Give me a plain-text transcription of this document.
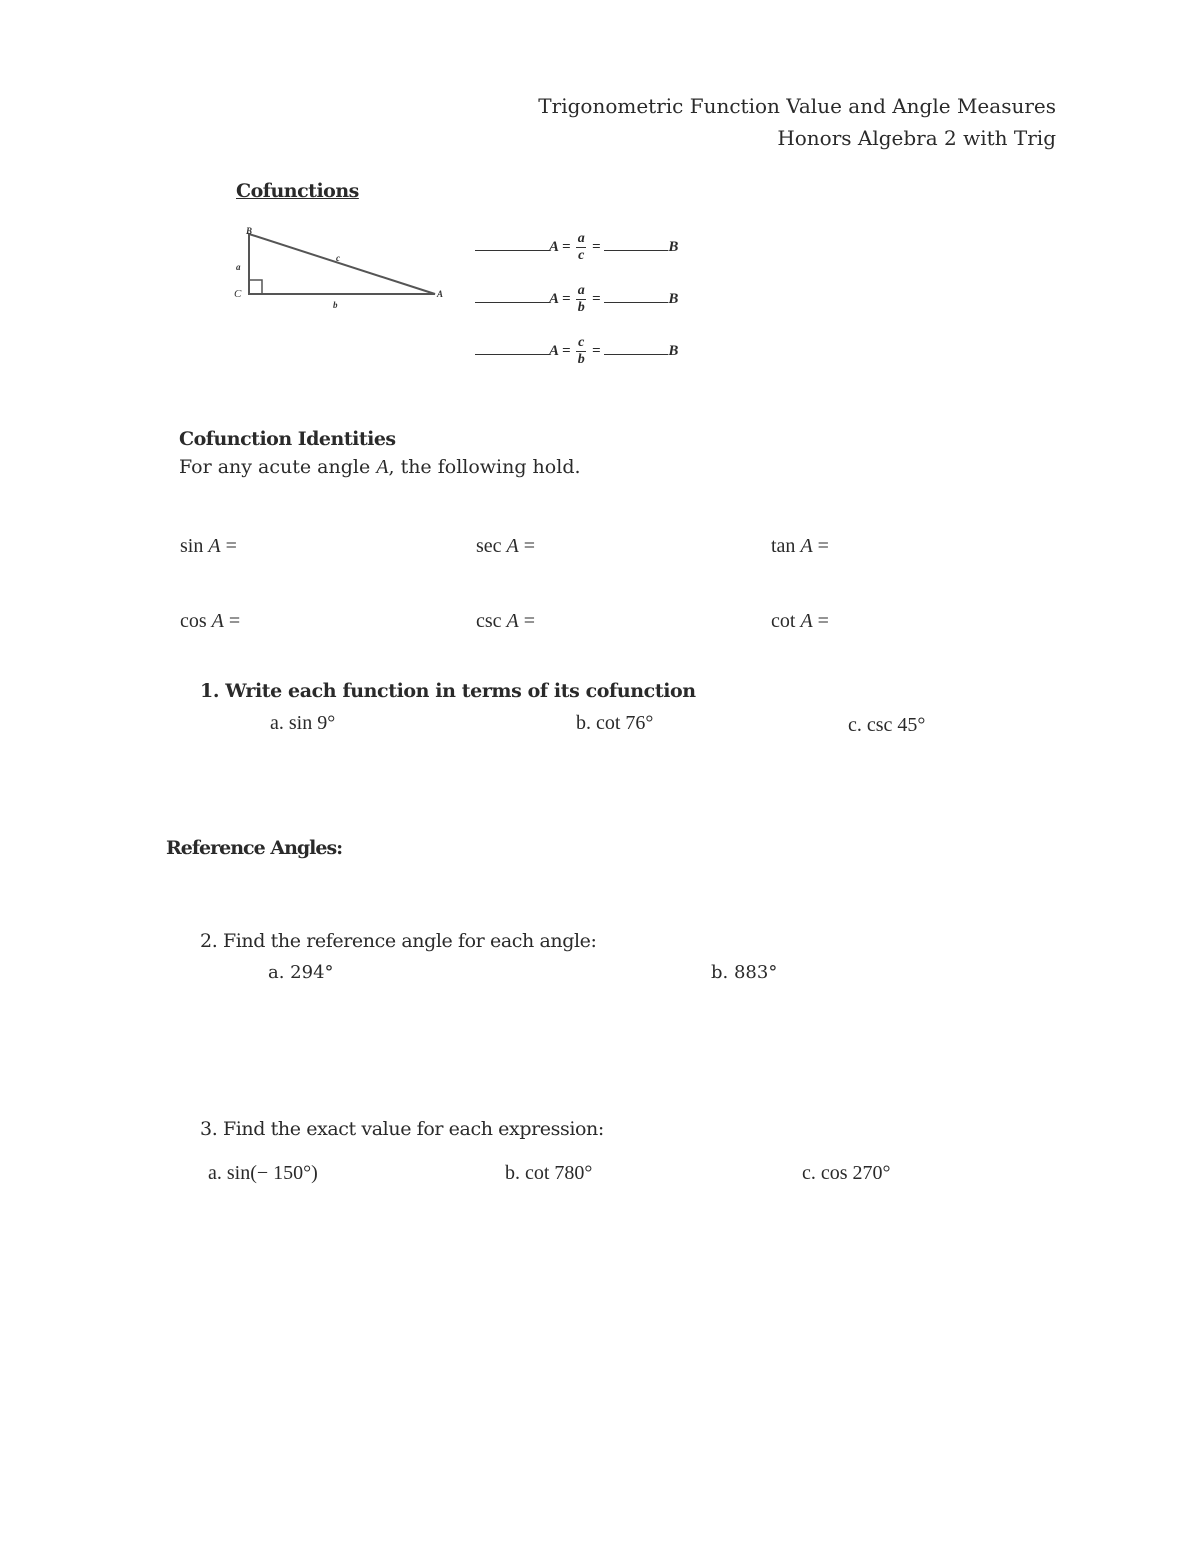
Trigonometric Function Value and Angle Measures
Honors Algebra 2 with Trig
Cofunctions
B
a
c
C
b
A
$A = \frac{a}{c}$ =	B
$A = \frac{a}{b}$ =	B
$A = \frac{c}{b}$ =	B
Cofunction Identities
For any acute angle A, the following hold.
sin A =	sec A =	tan A =
cos A =	csc A =	cot A =
1. Write each function in terms of its cofunction
a. sin 9°	b. cot 76°	c. csc 45°
Reference Angles:
2. Find the reference angle for each angle:
a. 294°	b. 883°
3. Find the exact value for each expression:
a. sin(− 150°)	b. cot 780°	c. cos 270°
